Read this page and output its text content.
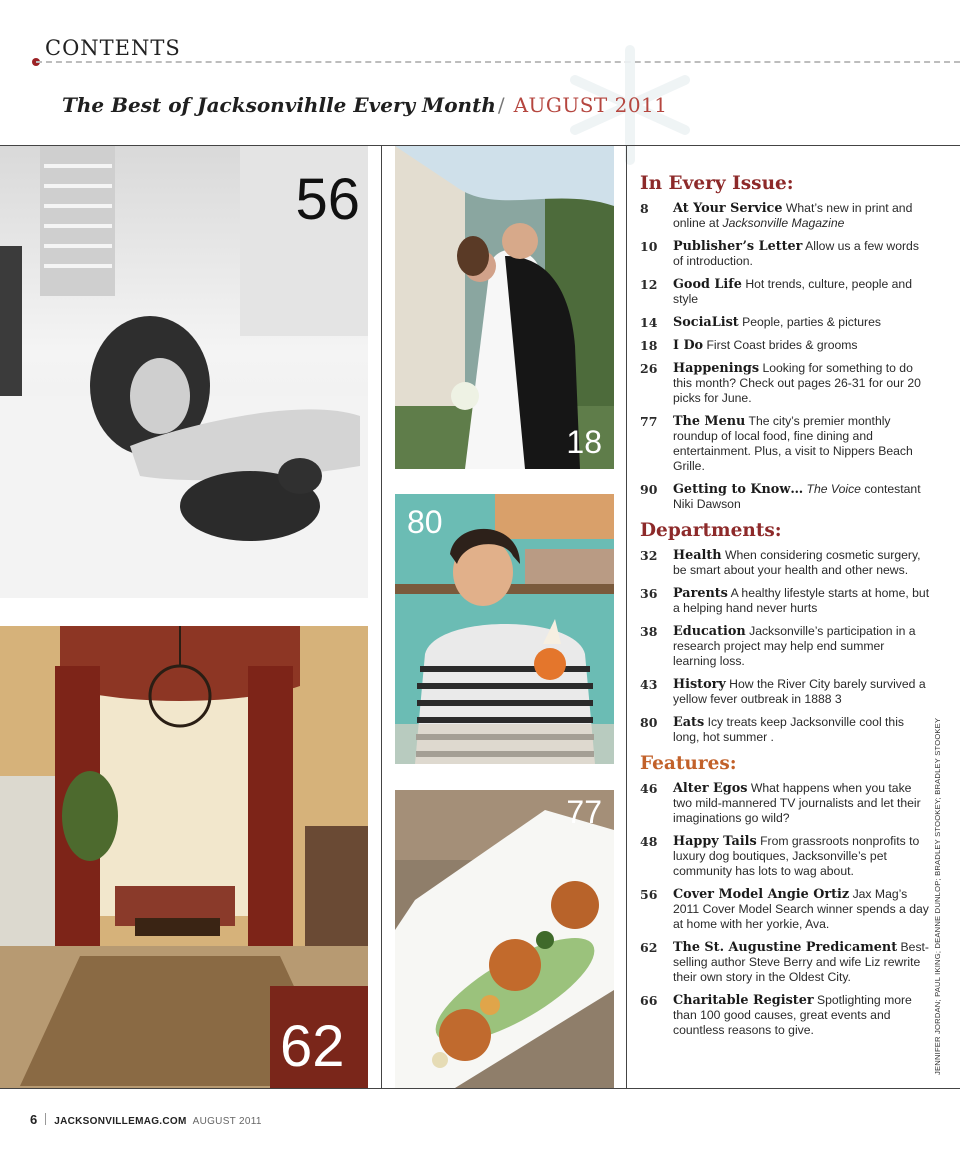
CONTENTS
The Best of Jacksonvihlle Every Month / AUGUST 2011
56
18
80
62
77
In Every Issue:
8	At Your Service What’s new in print and online at Jacksonville Magazine
10	Publisher’s Letter Allow us a few words of introduction.
12	Good Life Hot trends, culture, people and style
14	SociaList People, parties & pictures
18	I Do First Coast brides & grooms
26	Happenings Looking for something to do this month? Check out pages 26-31 for our 20 picks for June.
77	The Menu The city’s premier monthly roundup of local food, fine dining and entertainment. Plus, a visit to Nippers Beach Grille.
90	Getting to Know… The Voice contestant Niki Dawson
Departments:
32	Health When considering cosmetic surgery, be smart about your health and other news.
36	Parents A healthy lifestyle starts at home, but a helping hand never hurts
38	Education Jacksonville’s participation in a research project may help end summer learning loss.
43	History How the River City barely survived a yellow fever outbreak in 1888 3
80	Eats Icy treats keep Jacksonville cool this long, hot summer .
Features:
46	Alter Egos What happens when you take two mild-mannered TV journalists and let their imaginations go wild?
48	Happy Tails From grassroots nonprofits to luxury dog boutiques, Jacksonville’s pet community has lots to wag about.
56	Cover Model Angie Ortiz Jax Mag’s 2011 Cover Model Search winner spends a day at home with her yorkie, Ava.
62	The St. Augustine Predicament Best-selling author Steve Berry and wife Liz rewrite their own story in the Oldest City.
66	Charitable Register Spotlighting more than 100 good causes, great events and countless reasons to give.	JENNIFER JORDAN; PAUL IKING; DEANNE DUNLOP; BRADLEY STOOKEY; BRADLEY STOOKEY
6 JACKSONVILLEMAG.COM AUGUST 2011
